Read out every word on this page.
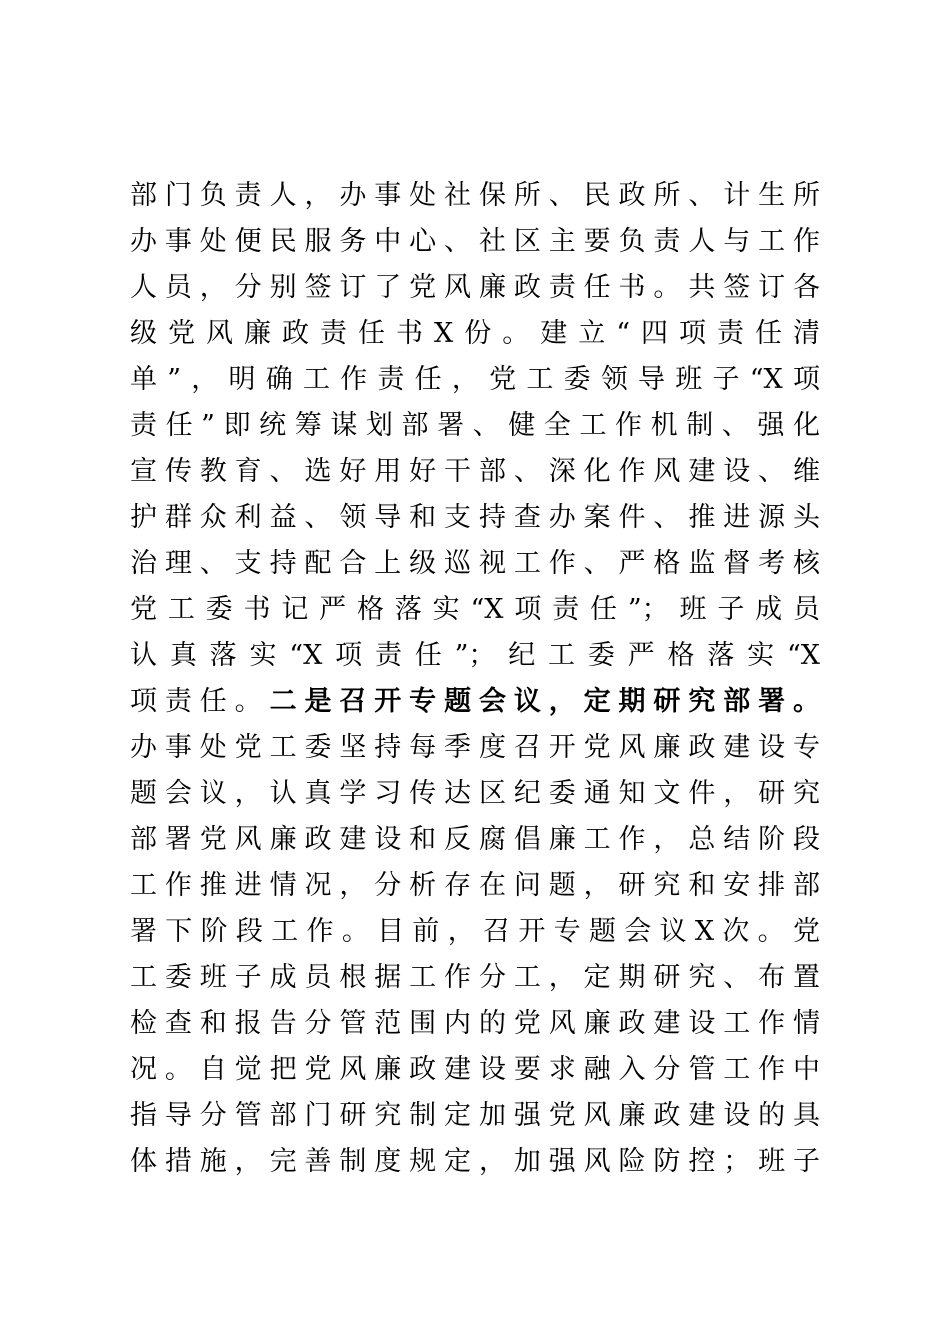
部门负责人，办事处社保所、民政所、计生所
办事处便民服务中心、社区主要负责人与工作
人员，分别签订了党风廉政责任书。共签订各
级党风廉政责任书X份。建立“四项责任清
单”，明确工作责任，党工委领导班子“X项
责任”即统筹谋划部署、健全工作机制、强化
宣传教育、选好用好干部、深化作风建设、维
护群众利益、领导和支持查办案件、推进源头
治理、支持配合上级巡视工作、严格监督考核
党工委书记严格落实“X项责任”；班子成员
认真落实“X项责任”；纪工委严格落实“X
项责任。二是召开专题会议，定期研究部署。
办事处党工委坚持每季度召开党风廉政建设专
题会议，认真学习传达区纪委通知文件，研究
部署党风廉政建设和反腐倡廉工作，总结阶段
工作推进情况，分析存在问题，研究和安排部
署下阶段工作。目前，召开专题会议X次。党
工委班子成员根据工作分工，定期研究、布置
检查和报告分管范围内的党风廉政建设工作情
况。自觉把党风廉政建设要求融入分管工作中
指导分管部门研究制定加强党风廉政建设的具
体措施，完善制度规定，加强风险防控；班子
